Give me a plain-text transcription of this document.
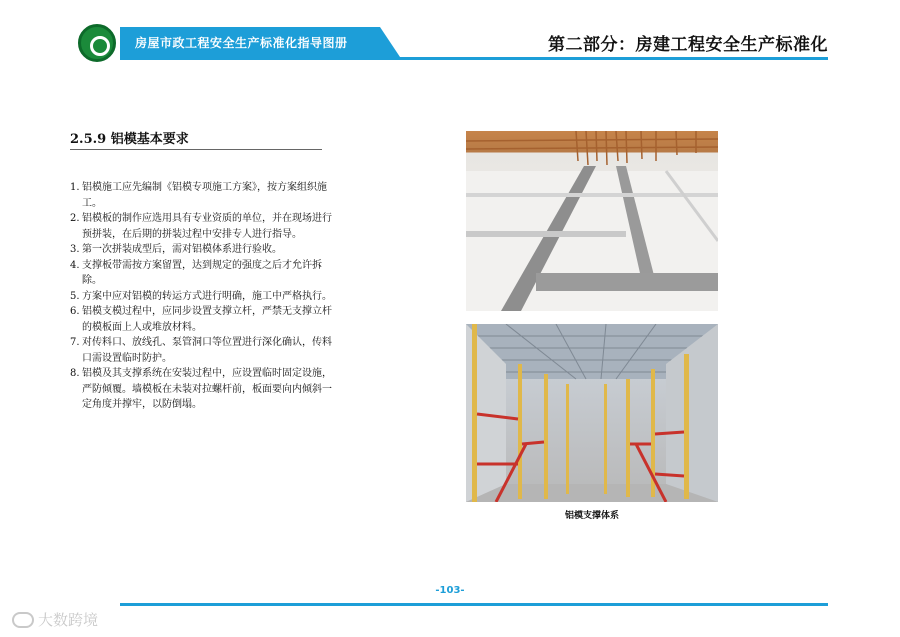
房屋市政工程安全生产标准化指导图册	第二部分：房建工程安全生产标准化
2.5.9 铝模基本要求

1. 铝模施工应先编制《铝模专项施工方案》，按方案组织施工。

2. 铝模板的制作应选用具有专业资质的单位，并在现场进行预拼装，在后期的拼装过程中安排专人进行指导。

3. 第一次拼装成型后，需对铝模体系进行验收。

4. 支撑板带需按方案留置，达到规定的强度之后才允许拆除。

5. 方案中应对铝模的转运方式进行明确，施工中严格执行。

6. 铝模支模过程中，应同步设置支撑立杆，严禁无支撑立杆的模板面上人或堆放材料。

7. 对传料口、放线孔、泵管洞口等位置进行深化确认，传料口需设置临时防护。

8. 铝模及其支撑系统在安装过程中，应设置临时固定设施，严防倾覆。墙模板在未装对拉螺杆前，板面要向内倾斜一定角度并撑牢，以防倒塌。

铝模支撑体系
-103-
大数跨境
